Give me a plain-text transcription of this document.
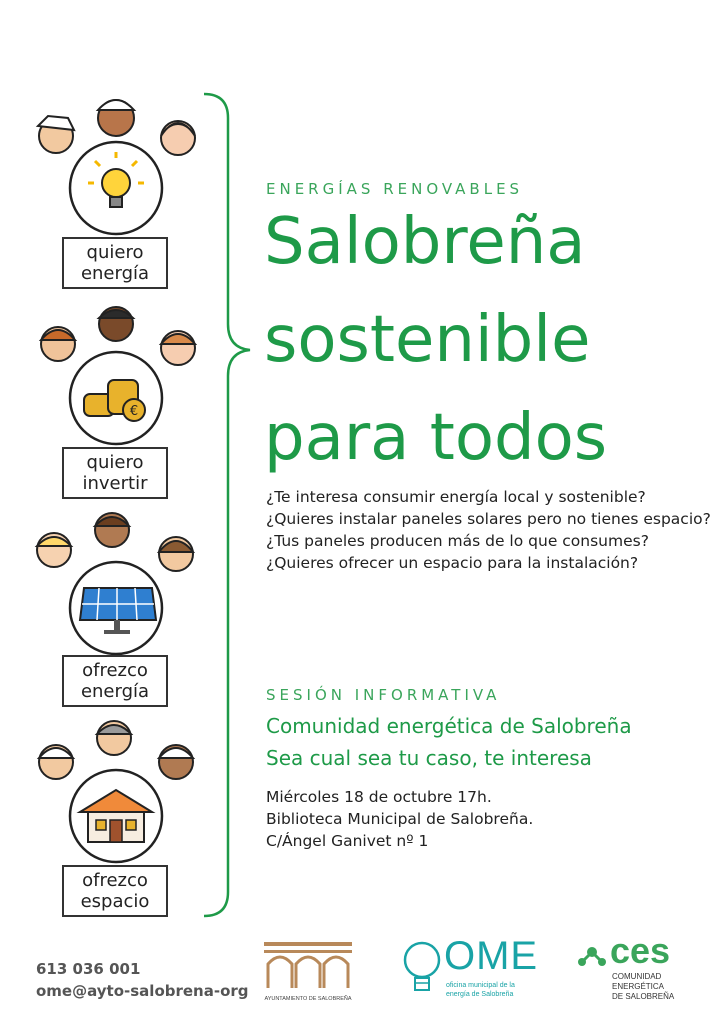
quiero
energía
€
quiero
invertir
ofrezco
energía
ofrezco
espacio
ENERGÍAS RENOVABLES
Salobreña
sostenible
para todos
¿Te interesa consumir energía local y sostenible?
¿Quieres instalar paneles solares pero no tienes espacio?
¿Tus paneles producen más de lo que consumes?
¿Quieres ofrecer un espacio para la instalación?
SESIÓN INFORMATIVA
Comunidad energética de Salobreña
Sea cual sea tu caso, te interesa
Miércoles 18 de octubre 17h.
Biblioteca Municipal de Salobreña.
C/Ángel Ganivet nº 1
613 036 001
ome@ayto-salobrena-org	AYUNTAMIENTO DE SALOBREÑA
OME
oficina municipal de la
energía de Salobreña
ces
COMUNIDAD
ENERGÉTICA
DE SALOBREÑA
